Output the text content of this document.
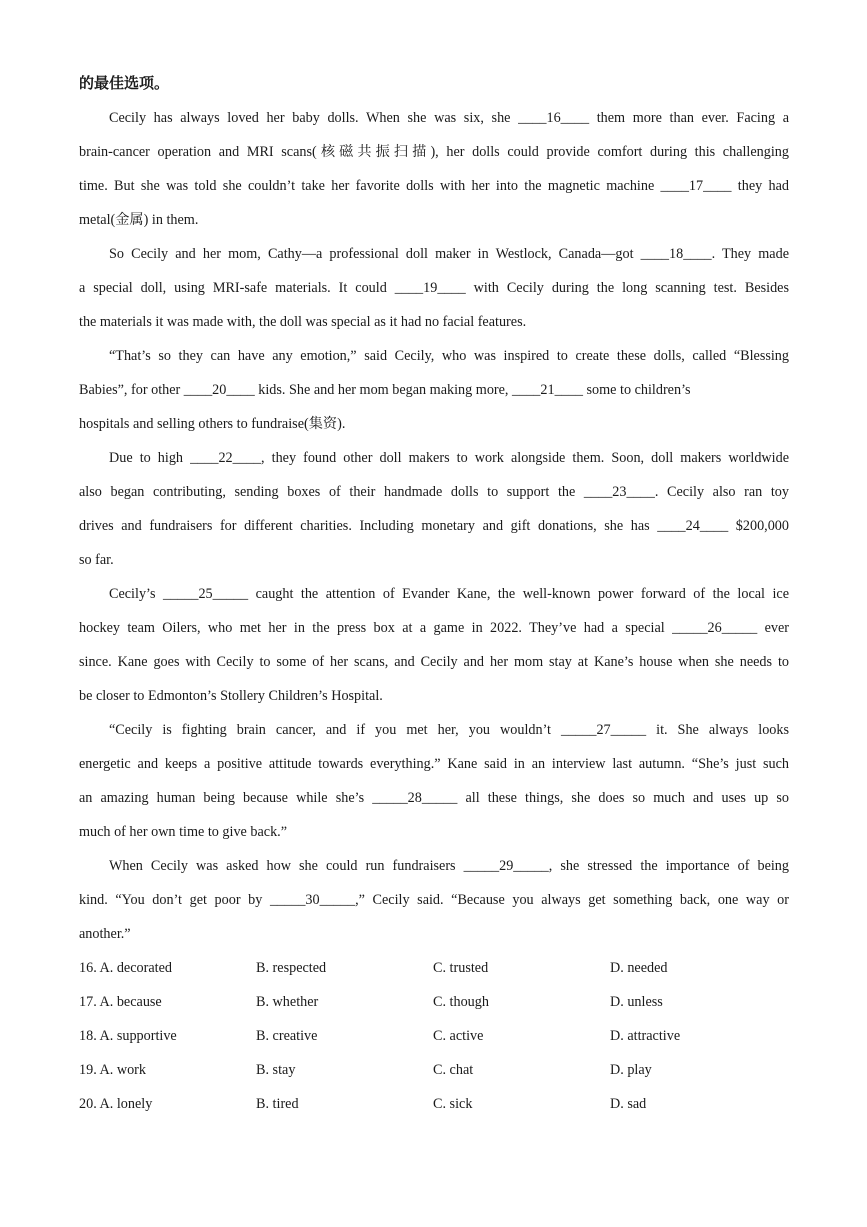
的最佳选项。
Cecily has always loved her baby dolls. When she was six, she ____16____ them more than ever. Facing a
brain-cancer operation and MRI scans(核磁共振扫描), her dolls could provide comfort during this challenging
time. But she was told she couldn’t take her favorite dolls with her into the magnetic machine ____17____ they had
metal(金属) in them.
So Cecily and her mom, Cathy—a professional doll maker in Westlock, Canada—got ____18____. They made
a special doll, using MRI-safe materials. It could ____19____ with Cecily during the long scanning test. Besides
the materials it was made with, the doll was special as it had no facial features.
“That’s so they can have any emotion,” said Cecily, who was inspired to create these dolls, called “Blessing
Babies”, for other ____20____ kids. She and her mom began making more, ____21____ some to children’s
hospitals and selling others to fundraise(集资).
Due to high ____22____, they found other doll makers to work alongside them. Soon, doll makers worldwide
also began contributing, sending boxes of their handmade dolls to support the ____23____. Cecily also ran toy
drives and fundraisers for different charities. Including monetary and gift donations, she has ____24____ $200,000
so far.
Cecily’s _____25_____ caught the attention of Evander Kane, the well-known power forward of the local ice
hockey team Oilers, who met her in the press box at a game in 2022. They’ve had a special _____26_____ ever
since. Kane goes with Cecily to some of her scans, and Cecily and her mom stay at Kane’s house when she needs to
be closer to Edmonton’s Stollery Children’s Hospital.
“Cecily is fighting brain cancer, and if you met her, you wouldn’t _____27_____ it. She always looks
energetic and keeps a positive attitude towards everything.” Kane said in an interview last autumn. “She’s just such
an amazing human being because while she’s _____28_____ all these things, she does so much and uses up so
much of her own time to give back.”
When Cecily was asked how she could run fundraisers _____29_____, she stressed the importance of being
kind. “You don’t get poor by _____30_____,” Cecily said. “Because you always get something back, one way or
another.”
16. A. decorated	B. respected	C. trusted	D. needed
17. A. because	B. whether	C. though	D. unless
18. A. supportive	B. creative	C. active	D. attractive
19. A. work	B. stay	C. chat	D. play
20. A. lonely	B. tired	C. sick	D. sad
